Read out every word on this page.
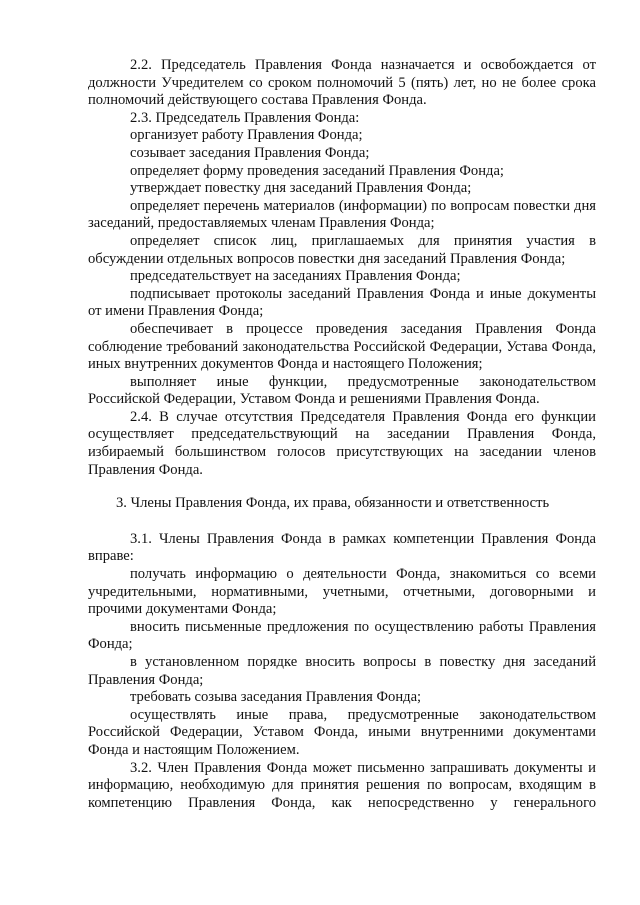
2.2. Председатель Правления Фонда назначается и освобождается от должности Учредителем со сроком полномочий 5 (пять) лет, но не более срока полномочий действующего состава Правления Фонда.

2.3. Председатель Правления Фонда:

организует работу Правления Фонда;

созывает заседания Правления Фонда;

определяет форму проведения заседаний Правления Фонда;

утверждает повестку дня заседаний Правления Фонда;

определяет перечень материалов (информации) по вопросам повестки дня заседаний, предоставляемых членам Правления Фонда;

определяет список лиц, приглашаемых для принятия участия в обсуждении отдельных вопросов повестки дня заседаний Правления Фонда;

председательствует на заседаниях Правления Фонда;

подписывает протоколы заседаний Правления Фонда и иные документы от имени Правления Фонда;

обеспечивает в процессе проведения заседания Правления Фонда соблюдение требований законодательства Российской Федерации, Устава Фонда, иных внутренних документов Фонда и настоящего Положения;

выполняет иные функции, предусмотренные законодательством Российской Федерации, Уставом Фонда и решениями Правления Фонда.

2.4. В случае отсутствия Председателя Правления Фонда его функции осуществляет председательствующий на заседании Правления Фонда, избираемый большинством голосов присутствующих на заседании членов Правления Фонда.

3. Члены Правления Фонда, их права, обязанности и ответственность

3.1. Члены Правления Фонда в рамках компетенции Правления Фонда вправе:

получать информацию о деятельности Фонда, знакомиться со всеми учредительными, нормативными, учетными, отчетными, договорными и прочими документами Фонда;

вносить письменные предложения по осуществлению работы Правления Фонда;

в установленном порядке вносить вопросы в повестку дня заседаний Правления Фонда;

требовать созыва заседания Правления Фонда;

осуществлять иные права, предусмотренные законодательством Российской Федерации, Уставом Фонда, иными внутренними документами Фонда и настоящим Положением.

3.2. Член Правления Фонда может письменно запрашивать документы и информацию, необходимую для принятия решения по вопросам, входящим в компетенцию Правления Фонда, как непосредственно у генерального
